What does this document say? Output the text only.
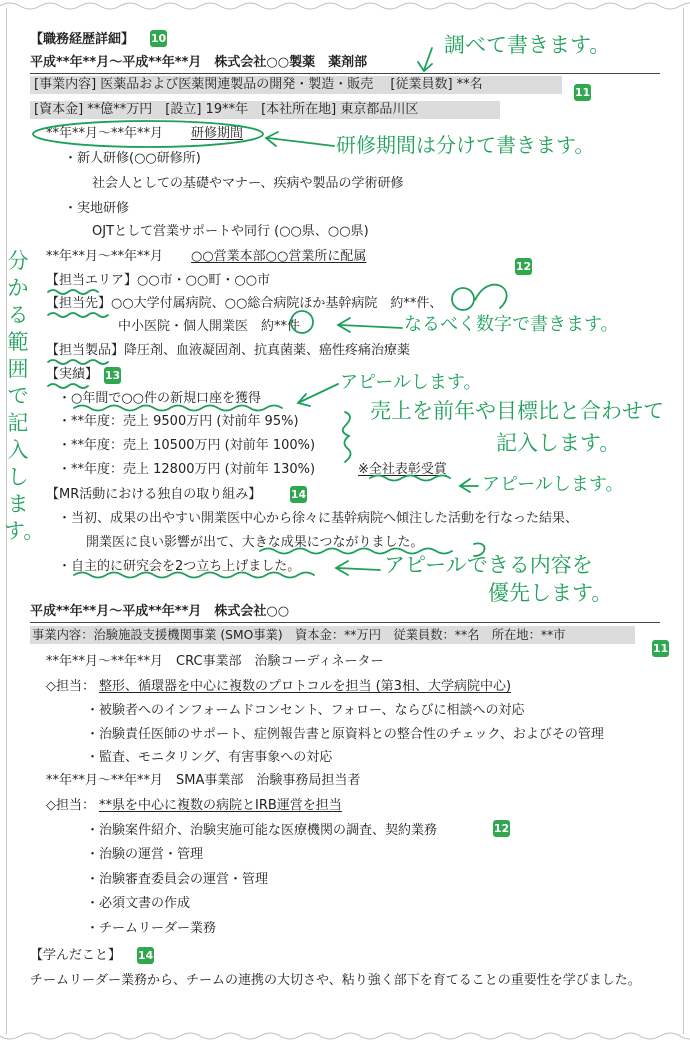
【職務経歴詳細】 10
平成**年**月～平成**年**月　株式会社○○製薬　薬剤部
[事業内容] 医薬品および医薬関連製品の開発・製造・販売　 [従業員数] **名
11
[資本金] **億**万円　[設立] 19**年　[本社所在地] 東京都品川区
**年**月～**年**月 研修期間
・新人研修(○○研修所)
社会人としての基礎やマナー、疾病や製品の学術研修
・実地研修
OJTとして営業サポートや同行 (○○県、○○県)
**年**月～**年**月 ○○営業本部○○営業所に配属
12
【担当エリア】○○市・○○町・○○市
【担当先】○○大学付属病院、○○総合病院ほか基幹病院　約**件、
中小医院・個人開業医　約**件
【担当製品】降圧剤、血液凝固剤、抗真菌薬、癌性疼痛治療薬
【実績】 13
・○年間で○○件の新規口座を獲得
・**年度：売上 9500万円 (対前年 95%)
・**年度：売上 10500万円 (対前年 100%)
・**年度：売上 12800万円 (対前年 130%)	※全社表彰受賞
【MR活動における独自の取り組み】	14
・当初、成果の出やすい開業医中心から徐々に基幹病院へ傾注した活動を行なった結果、
開業医に良い影響が出て、大きな成果につながりました。
・自主的に研究会を2つ立ち上げました。
平成**年**月～平成**年**月　株式会社○○
事業内容：治験施設支援機関事業 (SMO事業)　資本金：**万円　従業員数：**名　所在地：**市
11
**年**月～**年**月　CRC事業部　治験コーディネーター
◇担当： 整形、循環器を中心に複数のプロトコルを担当 (第3相、大学病院中心)
・被験者へのインフォームドコンセント、フォロー、ならびに相談への対応
・治験責任医師のサポート、症例報告書と原資料との整合性のチェック、およびその管理
・監査、モニタリング、有害事象への対応
**年**月～**年**月　SMA事業部　治験事務局担当者
◇担当： **県を中心に複数の病院とIRB運営を担当
・治験案件紹介、治験実施可能な医療機関の調査、契約業務	12
・治験の運営・管理
・治験審査委員会の運営・管理
・必須文書の作成
・チームリーダー業務
【学んだこと】 14
チームリーダー業務から、チームの連携の大切さや、粘り強く部下を育てることの重要性を学びました。
調べて書きます。
研修期間は分けて書きます。
分かる範囲で記入します。
なるべく数字で書きます。
アピールします。
売上を前年や目標比と合わせて
記入します。
アピールします。
アピールできる内容を
優先します。
